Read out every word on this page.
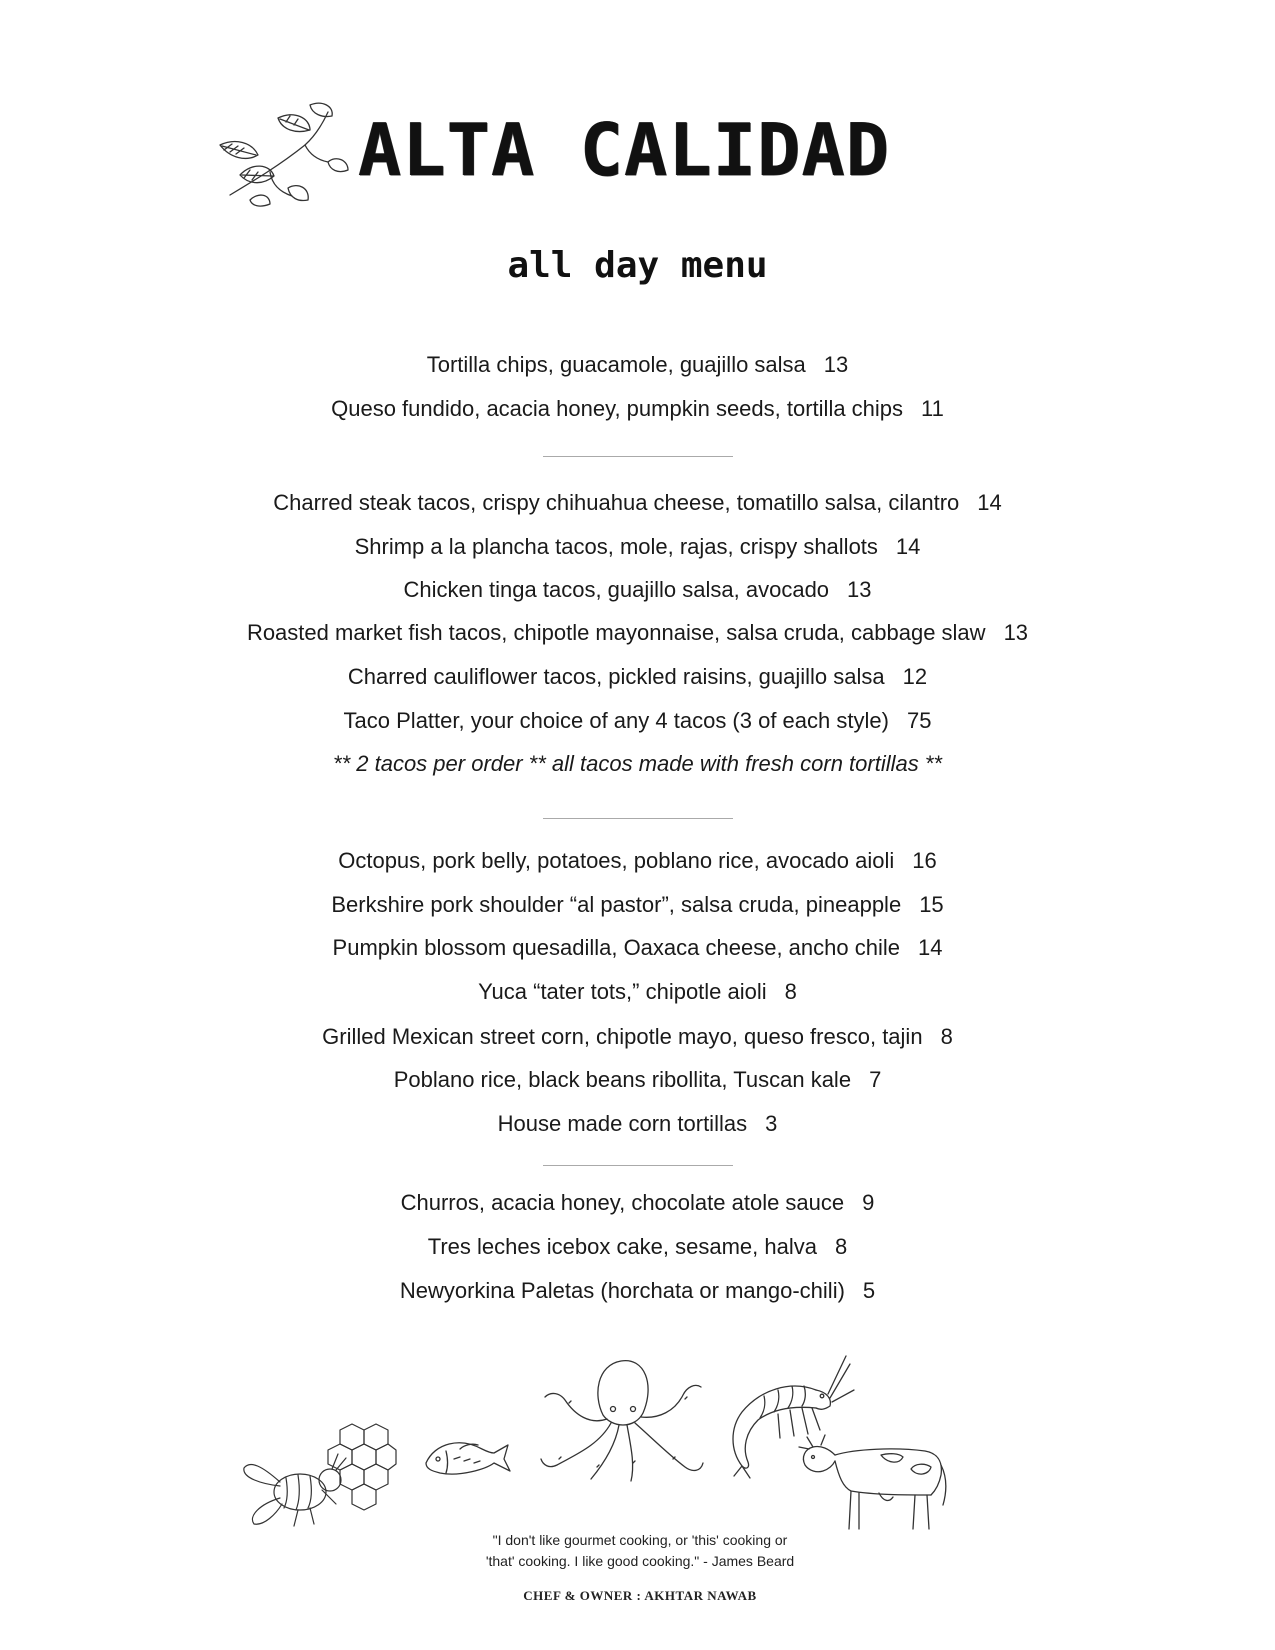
ALTA CALIDAD
all day menu
Tortilla chips, guacamole, guajillo salsa 13
Queso fundido, acacia honey, pumpkin seeds, tortilla chips 11
Charred steak tacos, crispy chihuahua cheese, tomatillo salsa, cilantro 14
Shrimp a la plancha tacos, mole, rajas, crispy shallots 14
Chicken tinga tacos, guajillo salsa, avocado 13
Roasted market fish tacos, chipotle mayonnaise, salsa cruda, cabbage slaw 13
Charred cauliflower tacos, pickled raisins, guajillo salsa 12
Taco Platter, your choice of any 4 tacos (3 of each style) 75
** 2 tacos per order ** all tacos made with fresh corn tortillas **
Octopus, pork belly, potatoes, poblano rice, avocado aioli 16
Berkshire pork shoulder “al pastor”, salsa cruda, pineapple 15
Pumpkin blossom quesadilla, Oaxaca cheese, ancho chile 14
Yuca “tater tots,” chipotle aioli 8
Grilled Mexican street corn, chipotle mayo, queso fresco, tajin 8
Poblano rice, black beans ribollita, Tuscan kale 7
House made corn tortillas 3
Churros, acacia honey, chocolate atole sauce 9
Tres leches icebox cake, sesame, halva 8
Newyorkina Paletas (horchata or mango-chili) 5
"I don't like gourmet cooking, or 'this' cooking or
'that' cooking. I like good cooking." - James Beard
CHEF & OWNER : AKHTAR NAWAB
